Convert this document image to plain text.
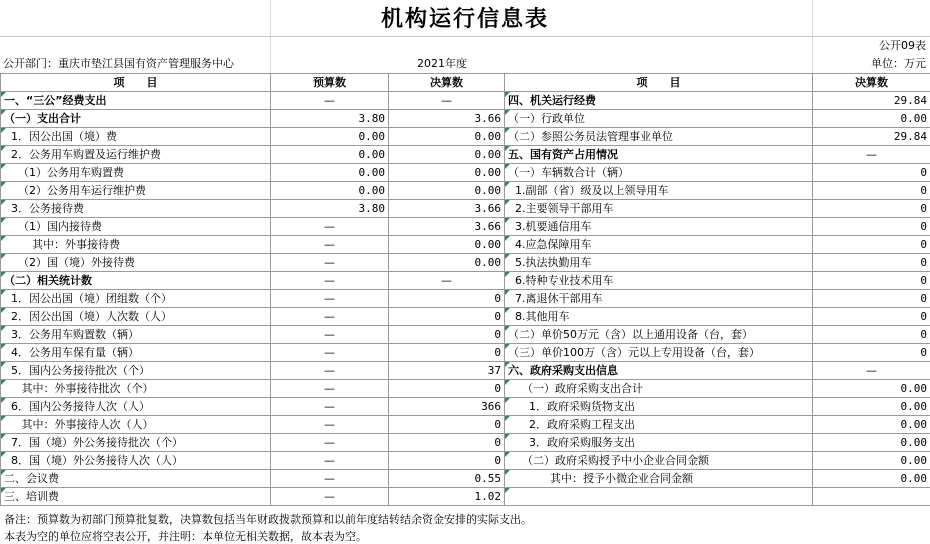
机构运行信息表
公开09表
公开部门：重庆市垫江县国有资产管理服务中心	2021年度	单位：万元
项　　目	预算数	决算数	项　　目	决算数
一、“三公”经费支出	—	—	四、机关运行经费	29.84
（一）支出合计	3.80	3.66	（一）行政单位	0.00
1．因公出国（境）费	0.00	0.00	（二）参照公务员法管理事业单位	29.84
2．公务用车购置及运行维护费	0.00	0.00	五、国有资产占用情况	—
（1）公务用车购置费	0.00	0.00	（一）车辆数合计（辆）	0
（2）公务用车运行维护费	0.00	0.00	1.副部（省）级及以上领导用车	0
3．公务接待费	3.80	3.66	2.主要领导干部用车	0
（1）国内接待费	—	3.66	3.机要通信用车	0
其中：外事接待费	—	0.00	4.应急保障用车	0
（2）国（境）外接待费	—	0.00	5.执法执勤用车	0
（二）相关统计数	—	—	6.特种专业技术用车	0
1．因公出国（境）团组数（个）	—	0	7.离退休干部用车	0
2．因公出国（境）人次数（人）	—	0	8.其他用车	0
3．公务用车购置数（辆）	—	0	（二）单价50万元（含）以上通用设备（台，套）	0
4．公务用车保有量（辆）	—	0	（三）单价100万（含）元以上专用设备（台，套）	0
5．国内公务接待批次（个）	—	37	六、政府采购支出信息	—
其中：外事接待批次（个）	—	0	（一）政府采购支出合计	0.00
6．国内公务接待人次（人）	—	366	1．政府采购货物支出	0.00
其中：外事接待人次（人）	—	0	2．政府采购工程支出	0.00
7．国（境）外公务接待批次（个）	—	0	3．政府采购服务支出	0.00
8．国（境）外公务接待人次（人）	—	0	（二）政府采购授予中小企业合同金额	0.00
二、会议费	—	0.55	其中：授予小微企业合同金额	0.00
三、培训费	—	1.02		
备注：预算数为初部门预算批复数，决算数包括当年财政拨款预算和以前年度结转结余资金安排的实际支出。
本表为空的单位应将空表公开，并注明：本单位无相关数据，故本表为空。
